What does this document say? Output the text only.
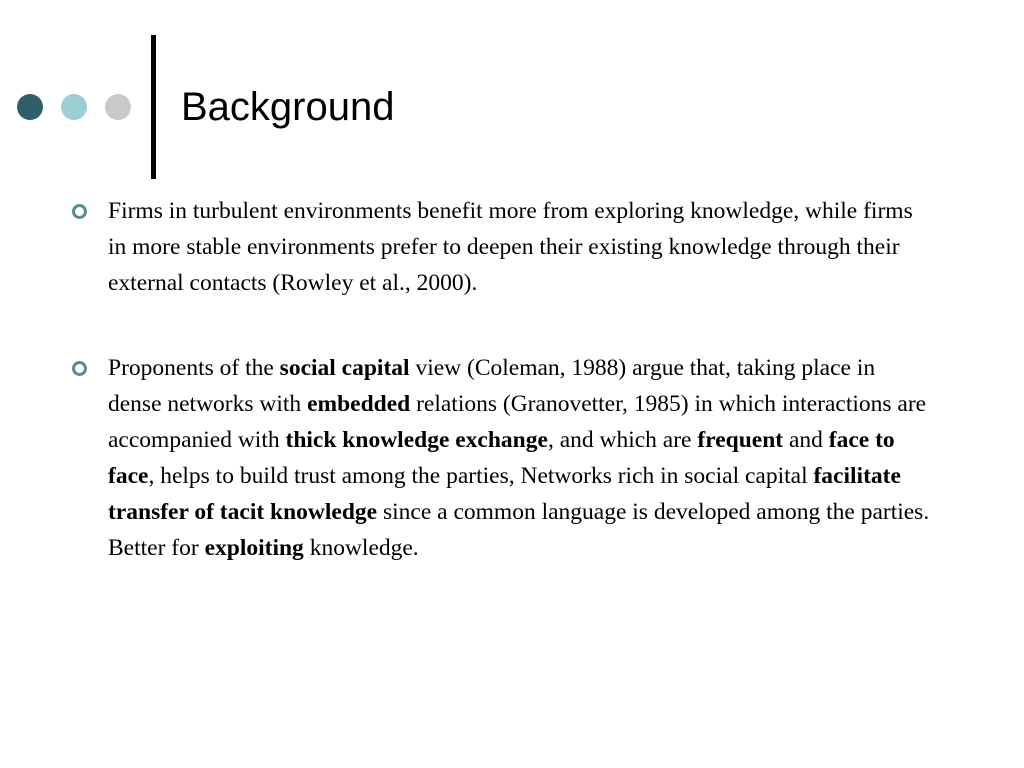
Background

Firms in turbulent environments benefit more from exploring knowledge, while firms in more stable environments prefer to deepen their existing knowledge through their external contacts (Rowley et al., 2000).

Proponents of the social capital view (Coleman, 1988) argue that, taking place in dense networks with embedded relations (Granovetter, 1985) in which interactions are accompanied with thick knowledge exchange, and which are frequent and face to face, helps to build trust among the parties, Networks rich in social capital facilitate transfer of tacit knowledge since a common language is developed among the parties. Better for exploiting knowledge.
